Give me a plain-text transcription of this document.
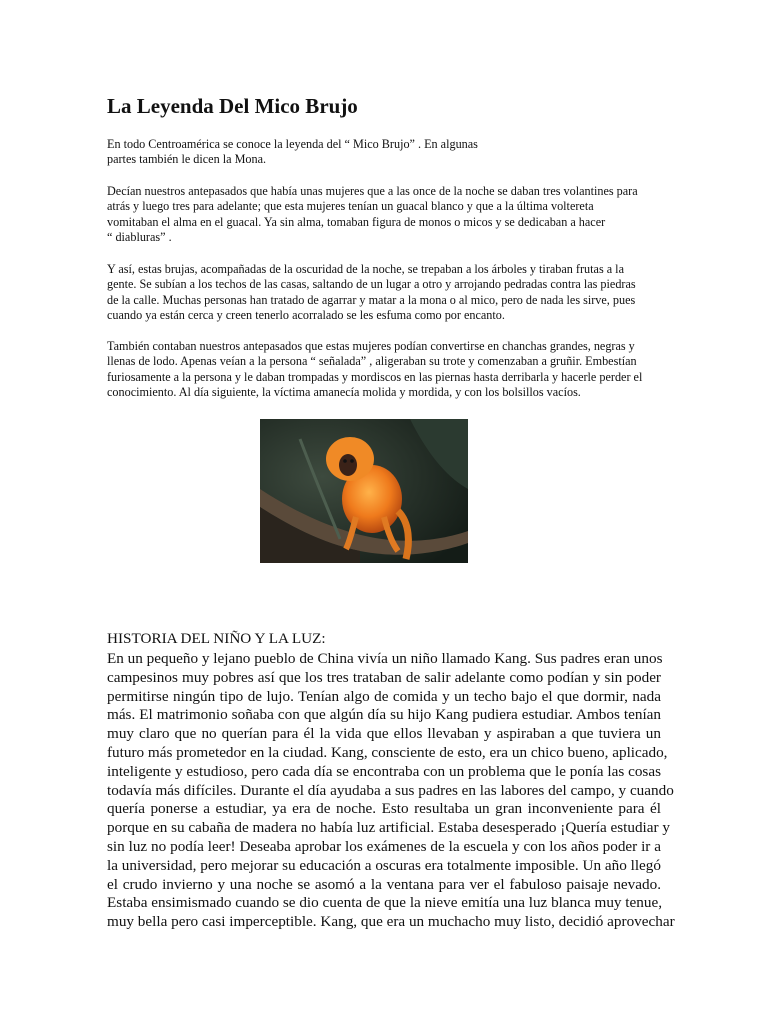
La Leyenda Del Mico Brujo

En todo Centroamérica se conoce la leyenda del “ Mico Brujo” . En algunas
partes también le dicen la Mona.

Decían nuestros antepasados que había unas mujeres que a las once de la noche se daban tres volantines para
atrás y luego tres para adelante; que esta mujeres tenían un guacal blanco y que a la última voltereta
vomitaban el alma en el guacal. Ya sin alma, tomaban figura de monos o micos y se dedicaban a hacer
“ diabluras” .

Y así, estas brujas, acompañadas de la oscuridad de la noche, se trepaban a los árboles y tiraban frutas a la
gente. Se subían a los techos de las casas, saltando de un lugar a otro y arrojando pedradas contra las piedras
de la calle. Muchas personas han tratado de agarrar y matar a la mona o al mico, pero de nada les sirve, pues
cuando ya están cerca y creen tenerlo acorralado se les esfuma como por encanto.

También contaban nuestros antepasados que estas mujeres podían convertirse en chanchas grandes, negras y
llenas de lodo. Apenas veían a la persona “ señalada” , aligeraban su trote y comenzaban a gruñir. Embestían
furiosamente a la persona y le daban trompadas y mordiscos en las piernas hasta derribarla y hacerle perder el
conocimiento. Al día siguiente, la víctima amanecía molida y mordida, y con los bolsillos vacíos.

HISTORIA DEL NIÑO Y LA LUZ:

En un pequeño y lejano pueblo de China vivía un niño llamado Kang. Sus padres eran unos
campesinos muy pobres así que los tres trataban de salir adelante como podían y sin poder
permitirse ningún tipo de lujo. Tenían algo de comida y un techo bajo el que dormir, nada
más. El matrimonio soñaba con que algún día su hijo Kang pudiera estudiar. Ambos tenían
muy claro que no querían para él la vida que ellos llevaban y aspiraban a que tuviera un
futuro más prometedor en la ciudad. Kang, consciente de esto, era un chico bueno, aplicado,
inteligente y estudioso, pero cada día se encontraba con un problema que le ponía las cosas
todavía más difíciles. Durante el día ayudaba a sus padres en las labores del campo, y cuando
quería ponerse a estudiar, ya era de noche. Esto resultaba un gran inconveniente para él
porque en su cabaña de madera no había luz artificial. Estaba desesperado ¡Quería estudiar y
sin luz no podía leer! Deseaba aprobar los exámenes de la escuela y con los años poder ir a
la universidad, pero mejorar su educación a oscuras era totalmente imposible. Un año llegó
el crudo invierno y una noche se asomó a la ventana para ver el fabuloso paisaje nevado.
Estaba ensimismado cuando se dio cuenta de que la nieve emitía una luz blanca muy tenue,
muy bella pero casi imperceptible. Kang, que era un muchacho muy listo, decidió aprovechar
